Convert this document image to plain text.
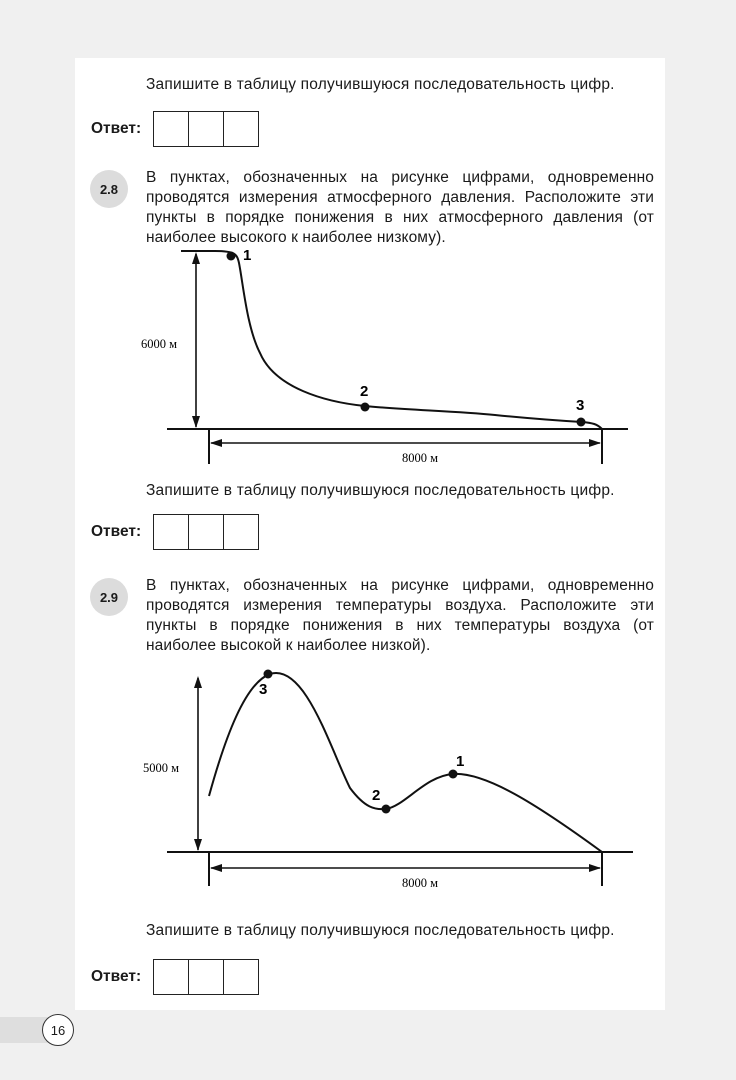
Запишите в таблицу получившуюся последовательность цифр.
Ответ:
2.8
В пунктах, обозначенных на рисунке цифрами, одновременно проводятся измерения атмосферного давления. Расположите эти пункты в порядке понижения в них атмосферного давления (от наиболее высокого к наиболее низкому).
6000 м
8000 м
1
2
3
Запишите в таблицу получившуюся последовательность цифр.
Ответ:
2.9
В пунктах, обозначенных на рисунке цифрами, одновременно проводятся измерения температуры воздуха. Расположите эти пункты в порядке понижения в них температуры воздуха (от наиболее высокой к наиболее низкой).
5000 м
8000 м
3
2
1
Запишите в таблицу получившуюся последовательность цифр.
Ответ:
16
